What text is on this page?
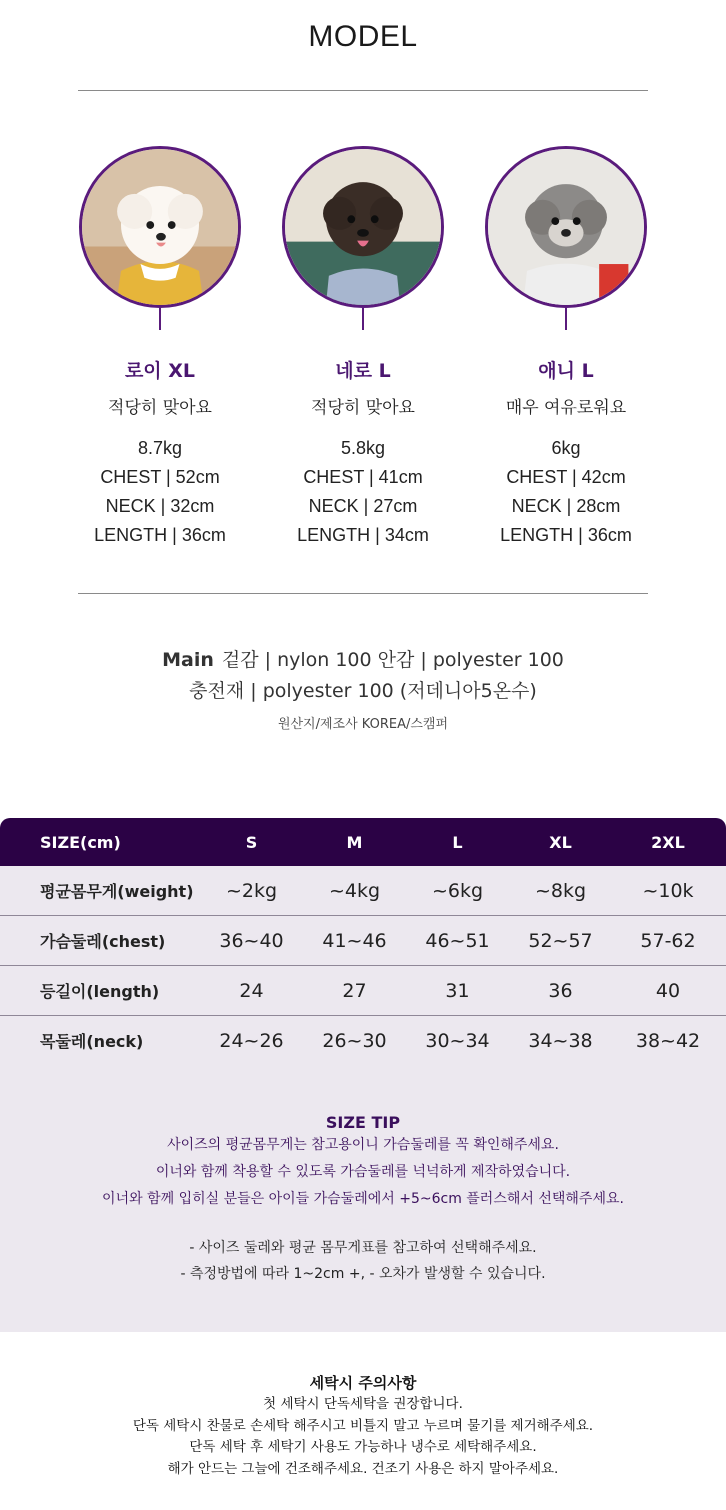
MODEL
로이 XL
적당히 맞아요
8.7kg
CHEST | 52cm
NECK | 32cm
LENGTH | 36cm
네로 L
적당히 맞아요
5.8kg
CHEST | 41cm
NECK | 27cm
LENGTH | 34cm
애니 L
매우 여유로워요
6kg
CHEST | 42cm
NECK | 28cm
LENGTH | 36cm
Main 겉감 | nylon 100 안감 | polyester 100
충전재 | polyester 100 (저데니아5온수)
원산지/제조사 KOREA/스캠퍼
SIZE(cm)	S	M	L	XL	2XL
평균몸무게(weight)	~2kg	~4kg	~6kg	~8kg	~10k
가슴둘레(chest)	36~40	41~46	46~51	52~57	57-62
등길이(length)	24	27	31	36	40
목둘레(neck)	24~26	26~30	30~34	34~38	38~42
SIZE TIP
사이즈의 평균몸무게는 참고용이니 가슴둘레를 꼭 확인해주세요.
이너와 함께 착용할 수 있도록 가슴둘레를 넉넉하게 제작하였습니다.
이너와 함께 입히실 분들은 아이들 가슴둘레에서 +5~6cm 플러스해서 선택해주세요.
- 사이즈 둘레와 평균 몸무게표를 참고하여 선택해주세요.
- 측정방법에 따라 1~2cm +, - 오차가 발생할 수 있습니다.
세탁시 주의사항
첫 세탁시 단독세탁을 권장합니다.
단독 세탁시 찬물로 손세탁 해주시고 비틀지 말고 누르며 물기를 제거해주세요.
단독 세탁 후 세탁기 사용도 가능하나 냉수로 세탁해주세요.
해가 안드는 그늘에 건조해주세요. 건조기 사용은 하지 말아주세요.
